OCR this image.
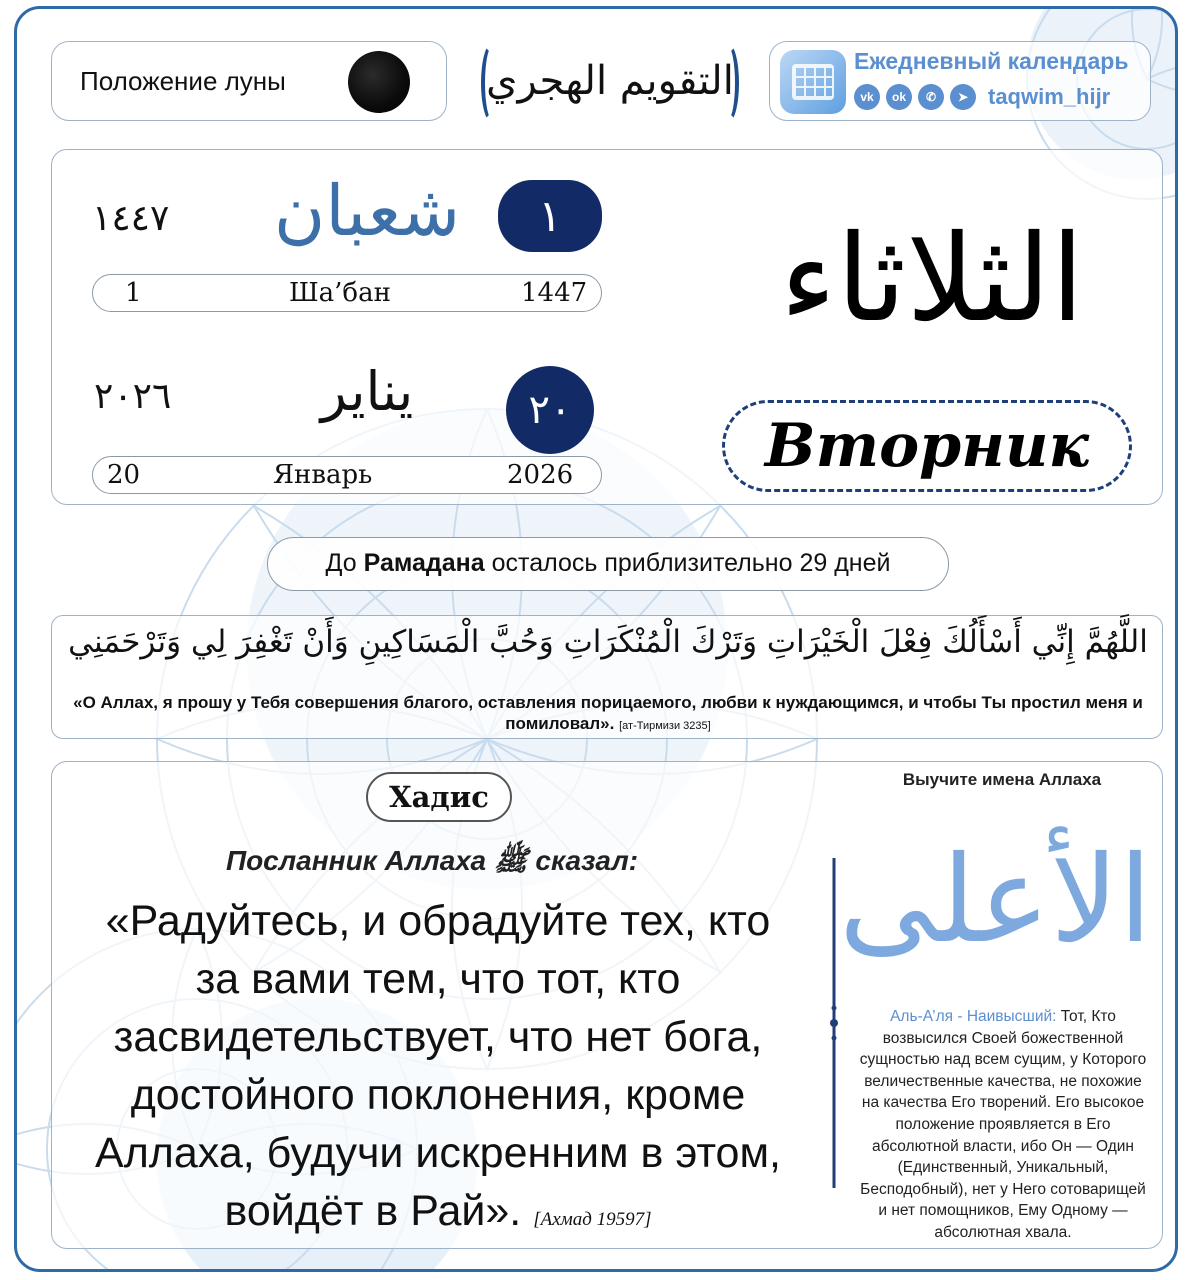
Положение луны	التقويم الهجري	Ежедневный календарь
vk	ok	✆	➤ taqwim_hijr
١٤٤٧	شعبان	١
1	Ша’бан	1447
٢٠٢٦	يناير	٢٠
20	Январь	2026
الثلاثاء
Вторник
До Рамадана осталось приблизительно 29 дней
اللَّهُمَّ إِنِّي أَسْأَلُكَ فِعْلَ الْخَيْرَاتِ وَتَرْكَ الْمُنْكَرَاتِ وَحُبَّ الْمَسَاكِينِ وَأَنْ تَغْفِرَ لِي وَتَرْحَمَنِي
«О Аллах, я прошу у Тебя совершения благого, оставления порицаемого, любви к нуждающимся, и чтобы Ты простил меня и помиловал». [ат-Тирмизи 3235]
Хадис
Посланник Аллаха ﷺ сказал:
«Радуйтесь, и обрадуйте тех, кто за вами тем, что тот, кто засвидетельствует, что нет бога, достойного поклонения, кроме Аллаха, будучи искренним в этом, войдёт в Рай». [Ахмад 19597]
Выучите имена Аллаха
الأعلى
Аль-А’ля - Наивысший: Тот, Кто возвысился Своей божественной сущностью над всем сущим, у Которого величественные качества, не похожие на качества Его творений. Его высокое положение проявляется в Его абсолютной власти, ибо Он — Один (Единственный, Уникальный, Бесподобный), нет у Него сотоварищей и нет помощников, Ему Одному — абсолютная хвала.
